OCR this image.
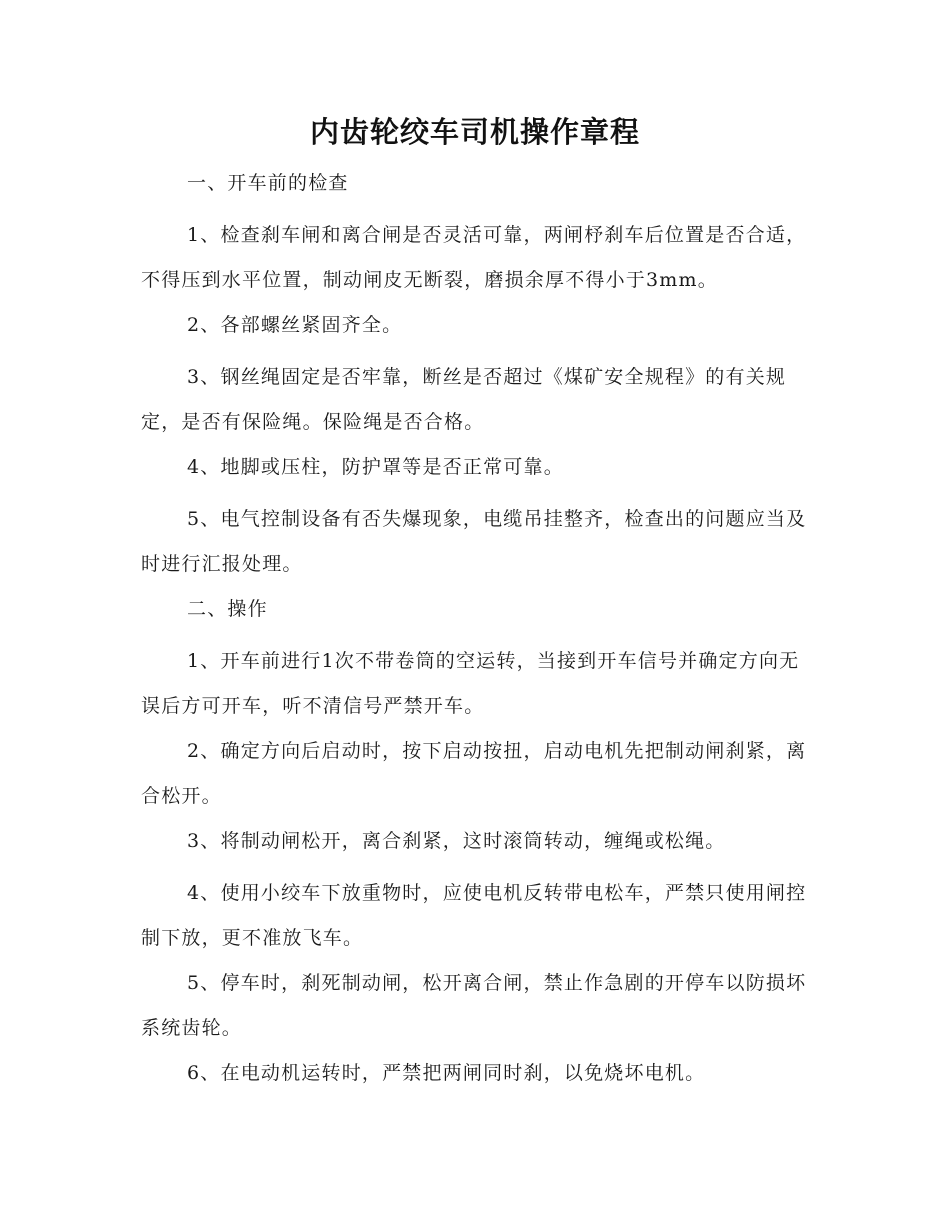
内齿轮绞车司机操作章程
一、开车前的检查
1、检查刹车闸和离合闸是否灵活可靠，两闸杼刹车后位置是否合适，不得压到水平位置，制动闸皮无断裂，磨损余厚不得小于3mm。
2、各部螺丝紧固齐全。
3、钢丝绳固定是否牢靠，断丝是否超过《煤矿安全规程》的有关规定，是否有保险绳。保险绳是否合格。
4、地脚或压柱，防护罩等是否正常可靠。
5、电气控制设备有否失爆现象，电缆吊挂整齐，检查出的问题应当及时进行汇报处理。
二、操作
1、开车前进行1次不带卷筒的空运转，当接到开车信号并确定方向无误后方可开车，听不清信号严禁开车。
2、确定方向后启动时，按下启动按扭，启动电机先把制动闸刹紧，离合松开。
3、将制动闸松开，离合刹紧，这时滚筒转动，缠绳或松绳。
4、使用小绞车下放重物时，应使电机反转带电松车，严禁只使用闸控制下放，更不准放飞车。
5、停车时，刹死制动闸，松开离合闸，禁止作急剧的开停车以防损坏系统齿轮。
6、在电动机运转时，严禁把两闸同时刹，以免烧坏电机。
